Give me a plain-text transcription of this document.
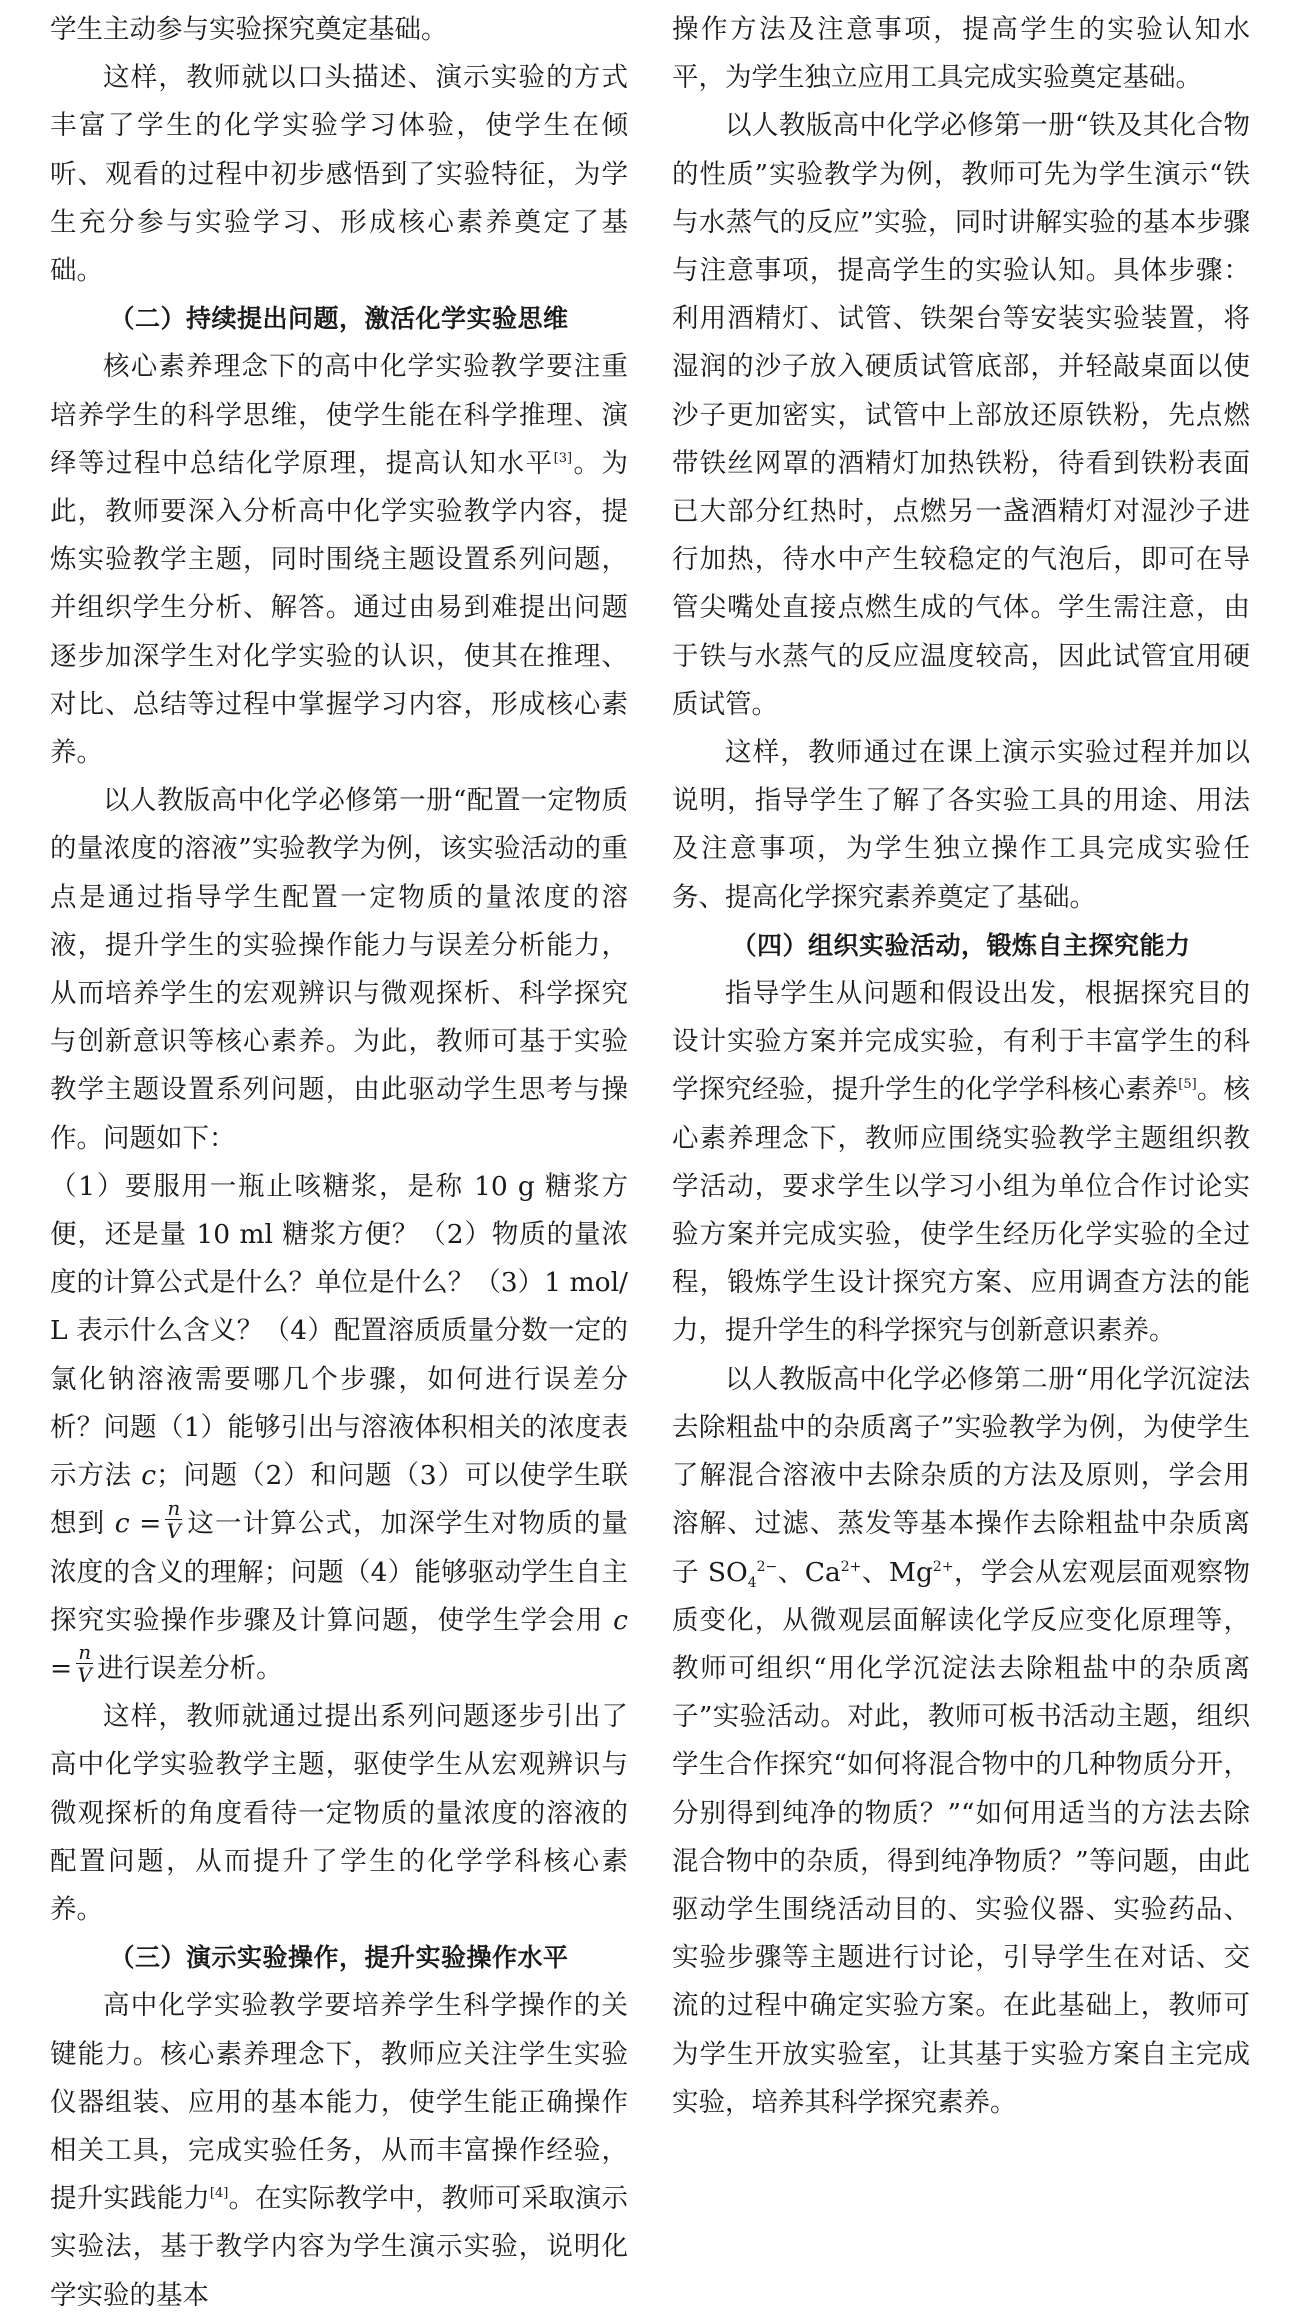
学生主动参与实验探究奠定基础。

这样，教师就以口头描述、演示实验的方式丰富了学生的化学实验学习体验，使学生在倾听、观看的过程中初步感悟到了实验特征，为学生充分参与实验学习、形成核心素养奠定了基础。

（二）持续提出问题，激活化学实验思维

核心素养理念下的高中化学实验教学要注重培养学生的科学思维，使学生能在科学推理、演绎等过程中总结化学原理，提高认知水平[3]。为此，教师要深入分析高中化学实验教学内容，提炼实验教学主题，同时围绕主题设置系列问题，并组织学生分析、解答。通过由易到难提出问题逐步加深学生对化学实验的认识，使其在推理、对比、总结等过程中掌握学习内容，形成核心素养。

以人教版高中化学必修第一册“配置一定物质的量浓度的溶液”实验教学为例，该实验活动的重点是通过指导学生配置一定物质的量浓度的溶液，提升学生的实验操作能力与误差分析能力，从而培养学生的宏观辨识与微观探析、科学探究与创新意识等核心素养。为此，教师可基于实验教学主题设置系列问题，由此驱动学生思考与操作。问题如下：

（1）要服用一瓶止咳糖浆，是称 10 g 糖浆方便，还是量 10 ml 糖浆方便？（2）物质的量浓度的计算公式是什么？单位是什么？（3）1 mol/L 表示什么含义？（4）配置溶质质量分数一定的氯化钠溶液需要哪几个步骤，如何进行误差分析？问题（1）能够引出与溶液体积相关的浓度表示方法 c；问题（2）和问题（3）可以使学生联想到 $c = \frac{n}{V}$ 这一计算公式，加深学生对物质的量浓度的含义的理解；问题（4）能够驱动学生自主探究实验操作步骤及计算问题，使学生学会用 $c = \frac{n}{V}$ 进行误差分析。

这样，教师就通过提出系列问题逐步引出了高中化学实验教学主题，驱使学生从宏观辨识与微观探析的角度看待一定物质的量浓度的溶液的配置问题，从而提升了学生的化学学科核心素养。

（三）演示实验操作，提升实验操作水平

高中化学实验教学要培养学生科学操作的关键能力。核心素养理念下，教师应关注学生实验仪器组装、应用的基本能力，使学生能正确操作相关工具，完成实验任务，从而丰富操作经验，提升实践能力[4]。在实际教学中，教师可采取演示实验法，基于教学内容为学生演示实验，说明化学实验的基本

操作方法及注意事项，提高学生的实验认知水平，为学生独立应用工具完成实验奠定基础。

以人教版高中化学必修第一册“铁及其化合物的性质”实验教学为例，教师可先为学生演示“铁与水蒸气的反应”实验，同时讲解实验的基本步骤与注意事项，提高学生的实验认知。具体步骤：利用酒精灯、试管、铁架台等安装实验装置，将湿润的沙子放入硬质试管底部，并轻敲桌面以使沙子更加密实，试管中上部放还原铁粉，先点燃带铁丝网罩的酒精灯加热铁粉，待看到铁粉表面已大部分红热时，点燃另一盏酒精灯对湿沙子进行加热，待水中产生较稳定的气泡后，即可在导管尖嘴处直接点燃生成的气体。学生需注意，由于铁与水蒸气的反应温度较高，因此试管宜用硬质试管。

这样，教师通过在课上演示实验过程并加以说明，指导学生了解了各实验工具的用途、用法及注意事项，为学生独立操作工具完成实验任务、提高化学探究素养奠定了基础。

（四）组织实验活动，锻炼自主探究能力

指导学生从问题和假设出发，根据探究目的设计实验方案并完成实验，有利于丰富学生的科学探究经验，提升学生的化学学科核心素养[5]。核心素养理念下，教师应围绕实验教学主题组织教学活动，要求学生以学习小组为单位合作讨论实验方案并完成实验，使学生经历化学实验的全过程，锻炼学生设计探究方案、应用调查方法的能力，提升学生的科学探究与创新意识素养。

以人教版高中化学必修第二册“用化学沉淀法去除粗盐中的杂质离子”实验教学为例，为使学生了解混合溶液中去除杂质的方法及原则，学会用溶解、过滤、蒸发等基本操作去除粗盐中杂质离子 $SO_4^{2-}$、$Ca^{2+}$、$Mg^{2+}$，学会从宏观层面观察物质变化，从微观层面解读化学反应变化原理等，教师可组织“用化学沉淀法去除粗盐中的杂质离子”实验活动。对此，教师可板书活动主题，组织学生合作探究“如何将混合物中的几种物质分开，分别得到纯净的物质？”“如何用适当的方法去除混合物中的杂质，得到纯净物质？”等问题，由此驱动学生围绕活动目的、实验仪器、实验药品、实验步骤等主题进行讨论，引导学生在对话、交流的过程中确定实验方案。在此基础上，教师可为学生开放实验室，让其基于实验方案自主完成实验，培养其科学探究素养。
